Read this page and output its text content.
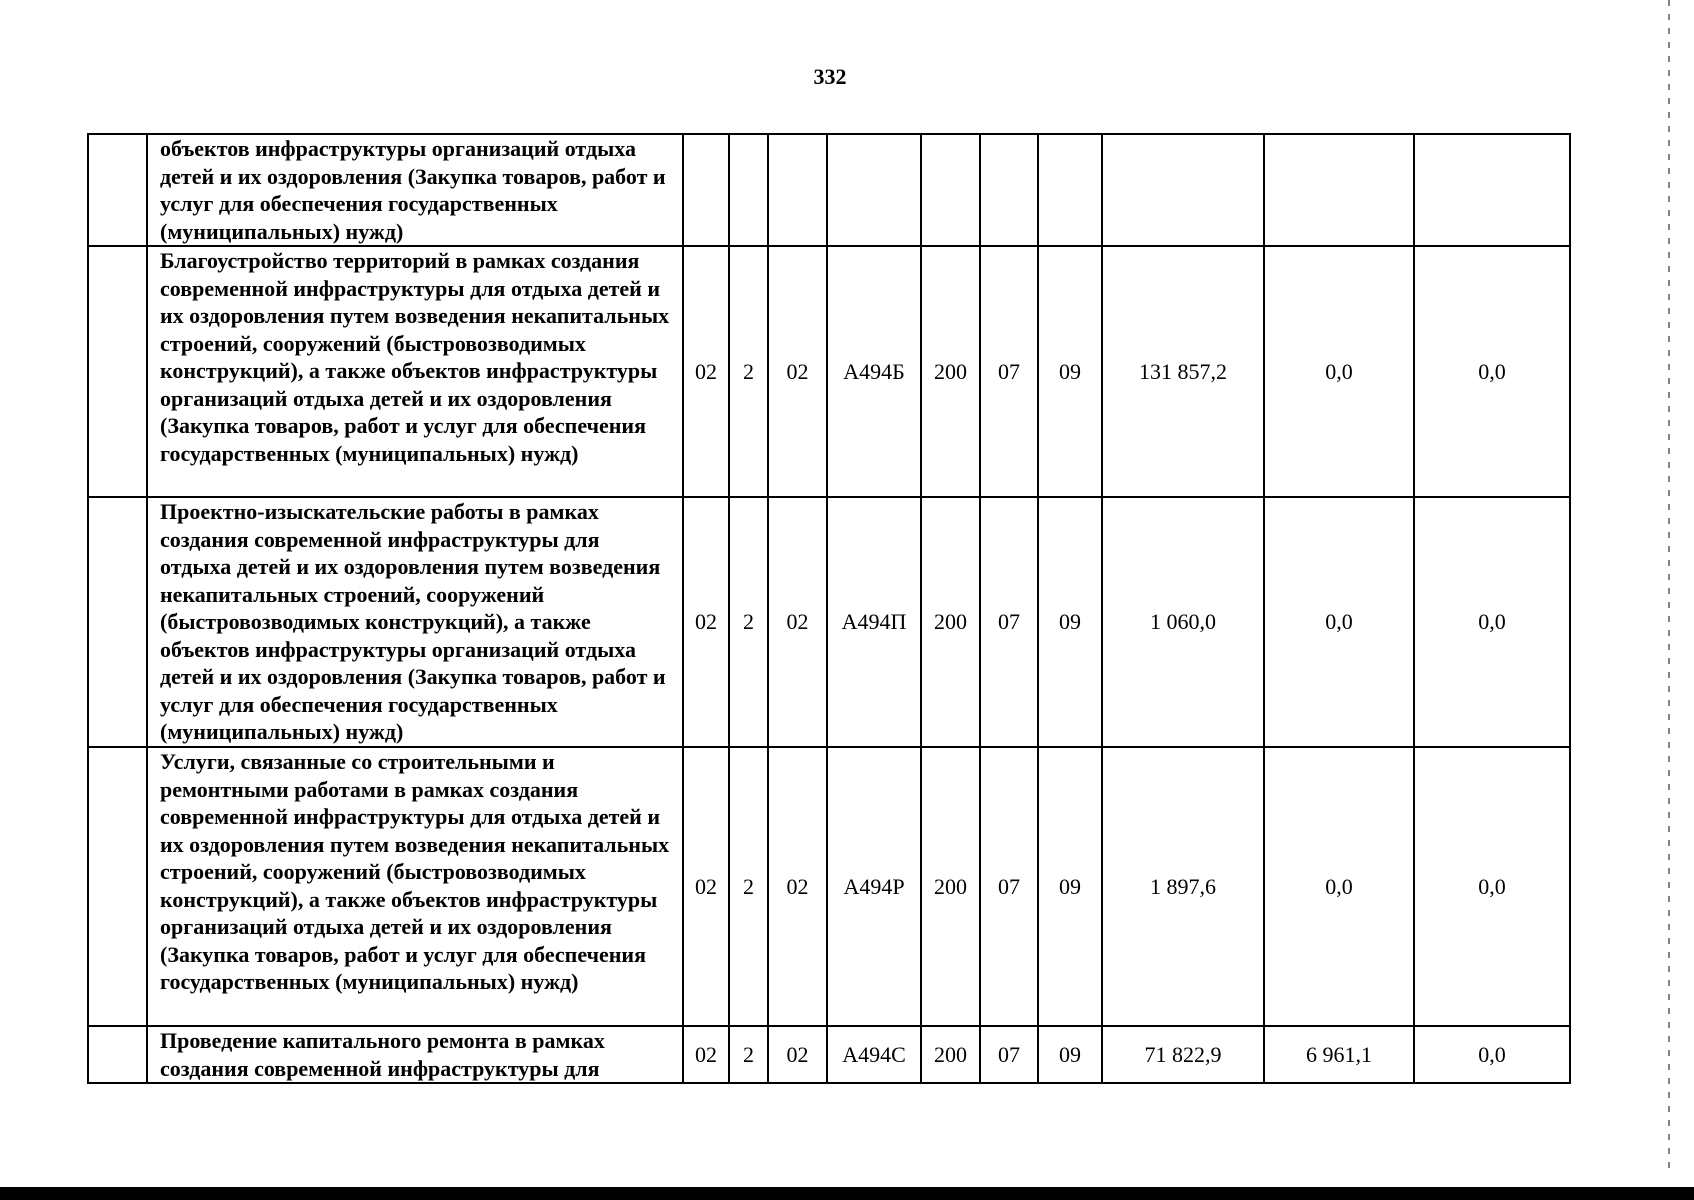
332
	объектов инфраструктуры организаций отдыха детей и их оздоровления (Закупка товаров, работ и услуг для обеспечения государственных (муниципальных) нужд)										
	Благоустройство территорий в рамках создания современной инфраструктуры для отдыха детей и их оздоровления путем возведения некапитальных строений, сооружений (быстровозводимых конструкций), а также объектов инфраструктуры организаций отдыха детей и их оздоровления (Закупка товаров, работ и услуг для обеспечения государственных (муниципальных) нужд)	02	2	02	А494Б	200	07	09	131 857,2	0,0	0,0
	Проектно-изыскательские работы в рамках создания современной инфраструктуры для отдыха детей и их оздоровления путем возведения некапитальных строений, сооружений (быстровозводимых конструкций), а также объектов инфраструктуры организаций отдыха детей и их оздоровления (Закупка товаров, работ и услуг для обеспечения государственных (муниципальных) нужд)	02	2	02	А494П	200	07	09	1 060,0	0,0	0,0
	Услуги, связанные со строительными и ремонтными работами в рамках создания современной инфраструктуры для отдыха детей и их оздоровления путем возведения некапитальных строений, сооружений (быстровозводимых конструкций), а также объектов инфраструктуры организаций отдыха детей и их оздоровления (Закупка товаров, работ и услуг для обеспечения государственных (муниципальных) нужд)	02	2	02	А494Р	200	07	09	1 897,6	0,0	0,0
	Проведение капитального ремонта в рамках создания современной инфраструктуры для	02	2	02	А494С	200	07	09	71 822,9	6 961,1	0,0
